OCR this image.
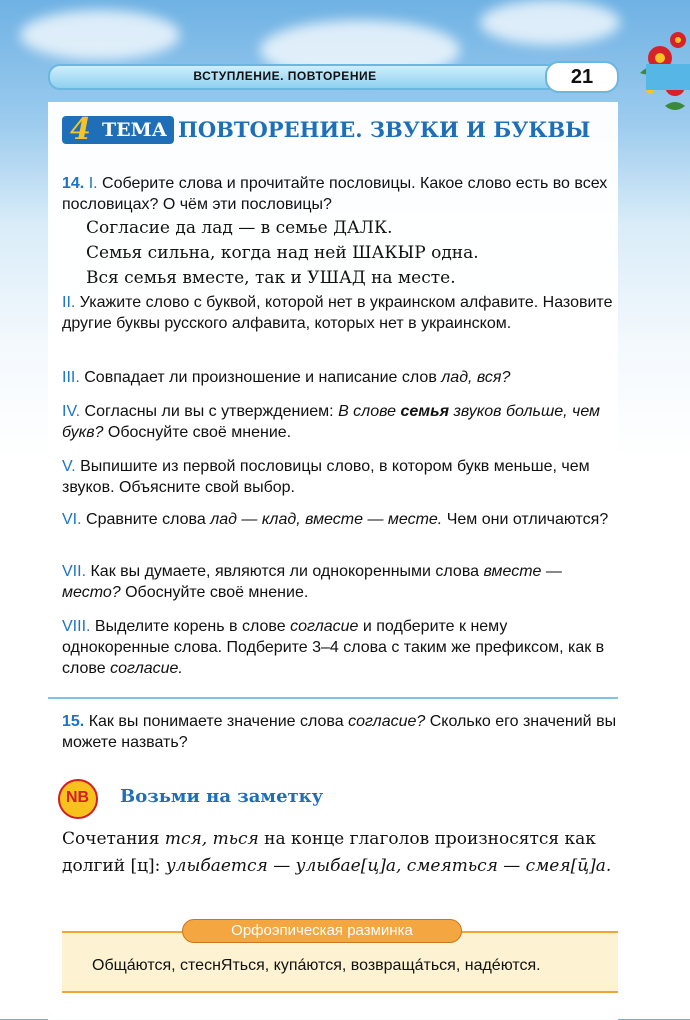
ВСТУПЛЕНИЕ. ПОВТОРЕНИЕ	21
4 ТЕМА ПОВТОРЕНИЕ. ЗВУКИ И БУКВЫ
14. I. Соберите слова и прочитайте пословицы. Какое слово есть во всех пословицах? О чём эти пословицы?
Согласие да лад — в семье ДАЛК.
Семья сильна, когда над ней ШАКЫР одна.
Вся семья вместе, так и УШАД на месте.
II. Укажите слово с буквой, которой нет в украинском алфавите. Назовите другие буквы русского алфавита, которых нет в украинском.
III. Совпадает ли произношение и написание слов лад, вся?
IV. Согласны ли вы с утверждением: В слове семья звуков больше, чем букв? Обоснуйте своё мнение.
V. Выпишите из первой пословицы слово, в котором букв меньше, чем звуков. Объясните свой выбор.
VI. Сравните слова лад — клад, вместе — месте. Чем они отличаются?
VII. Как вы думаете, являются ли однокоренными слова вместе — место? Обоснуйте своё мнение.
VIII. Выделите корень в слове согласие и подберите к нему однокоренные слова. Подберите 3–4 слова с таким же префиксом, как в слове согласие.
15. Как вы понимаете значение слова согласие? Сколько его значений вы можете назвать?
NB Возьми на заметку
Сочетания тся, ться на конце глаголов произносятся как долгий [ц]: улыбается — улыбае[ц]а, смеяться — смея[ц̄]а.
Орфоэпическая разминка
Общáются, стеснЯться, купáются, возвращáться, надéются.
